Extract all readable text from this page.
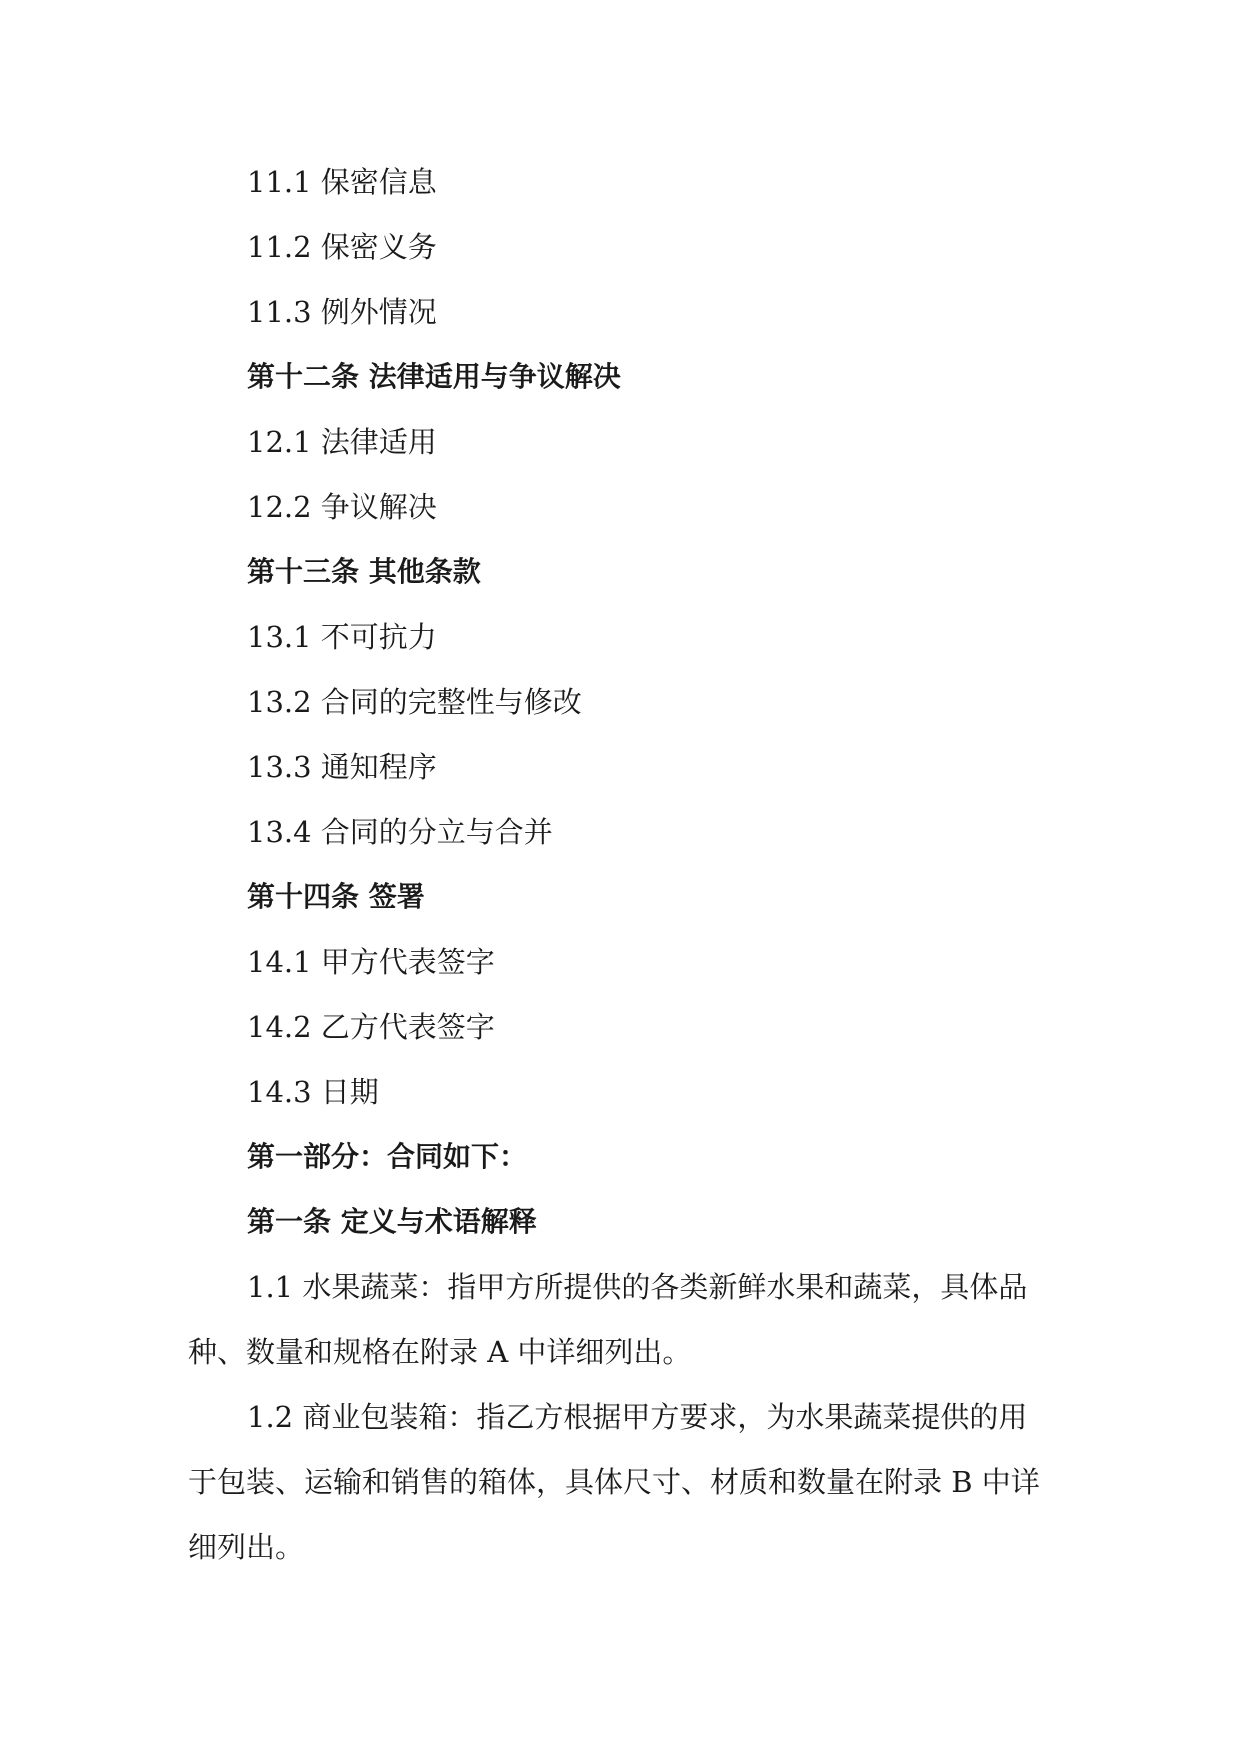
11.1 保密信息
11.2 保密义务
11.3 例外情况
第十二条 法律适用与争议解决
12.1 法律适用
12.2 争议解决
第十三条 其他条款
13.1 不可抗力
13.2 合同的完整性与修改
13.3 通知程序
13.4 合同的分立与合并
第十四条 签署
14.1 甲方代表签字
14.2 乙方代表签字
14.3 日期
第一部分：合同如下：
第一条 定义与术语解释
1.1 水果蔬菜：指甲方所提供的各类新鲜水果和蔬菜，具体品
种、数量和规格在附录 A 中详细列出。
1.2 商业包装箱：指乙方根据甲方要求，为水果蔬菜提供的用
于包装、运输和销售的箱体，具体尺寸、材质和数量在附录 B 中详
细列出。
